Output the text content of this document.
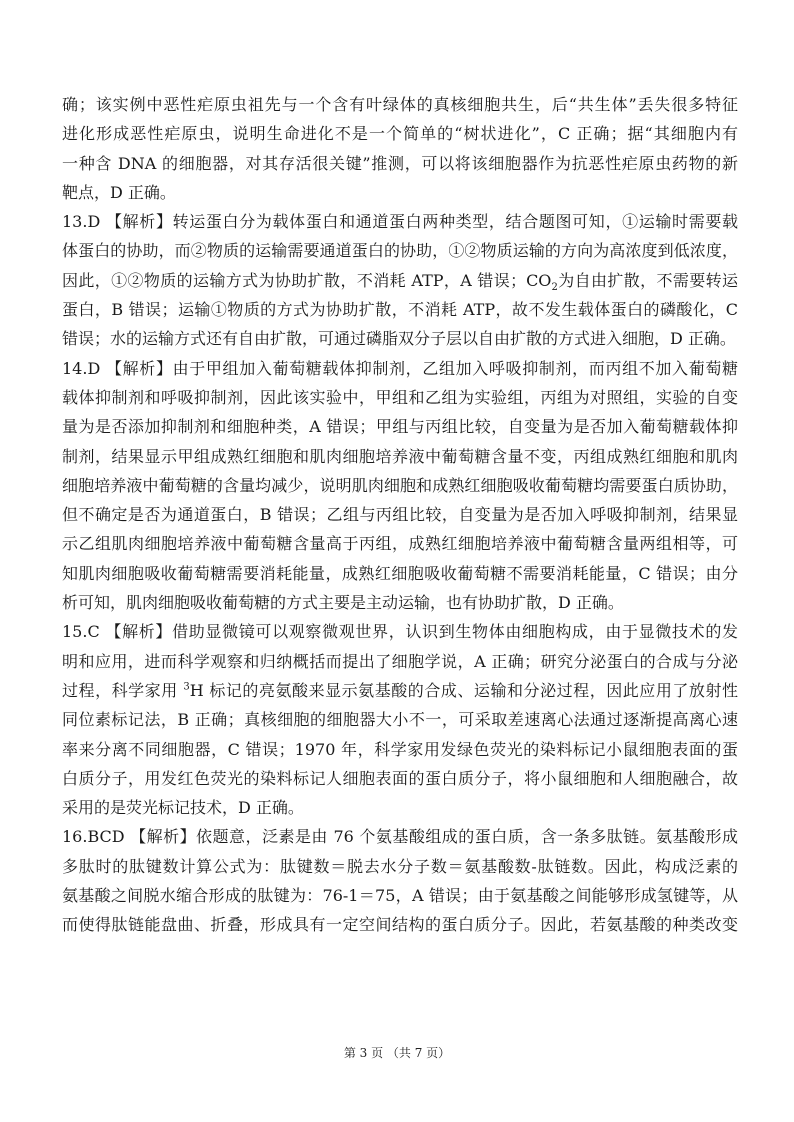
确；该实例中恶性疟原虫祖先与一个含有叶绿体的真核细胞共生，后“共生体”丢失很多特征
进化形成恶性疟原虫，说明生命进化不是一个简单的“树状进化”，C 正确；据“其细胞内有
一种含 DNA 的细胞器，对其存活很关键”推测，可以将该细胞器作为抗恶性疟原虫药物的新
靶点，D 正确。
13.D 【解析】转运蛋白分为载体蛋白和通道蛋白两种类型，结合题图可知，①运输时需要载
体蛋白的协助，而②物质的运输需要通道蛋白的协助，①②物质运输的方向为高浓度到低浓度，
因此，①②物质的运输方式为协助扩散，不消耗 ATP，A 错误；$CO_2$为自由扩散，不需要转运
蛋白，B 错误；运输①物质的方式为协助扩散，不消耗 ATP，故不发生载体蛋白的磷酸化，C
错误；水的运输方式还有自由扩散，可通过磷脂双分子层以自由扩散的方式进入细胞，D 正确。
14.D 【解析】由于甲组加入葡萄糖载体抑制剂，乙组加入呼吸抑制剂，而丙组不加入葡萄糖
载体抑制剂和呼吸抑制剂，因此该实验中，甲组和乙组为实验组，丙组为对照组，实验的自变
量为是否添加抑制剂和细胞种类，A 错误；甲组与丙组比较，自变量为是否加入葡萄糖载体抑
制剂，结果显示甲组成熟红细胞和肌肉细胞培养液中葡萄糖含量不变，丙组成熟红细胞和肌肉
细胞培养液中葡萄糖的含量均减少，说明肌肉细胞和成熟红细胞吸收葡萄糖均需要蛋白质协助，
但不确定是否为通道蛋白，B 错误；乙组与丙组比较，自变量为是否加入呼吸抑制剂，结果显
示乙组肌肉细胞培养液中葡萄糖含量高于丙组，成熟红细胞培养液中葡萄糖含量两组相等，可
知肌肉细胞吸收葡萄糖需要消耗能量，成熟红细胞吸收葡萄糖不需要消耗能量，C 错误；由分
析可知，肌肉细胞吸收葡萄糖的方式主要是主动运输，也有协助扩散，D 正确。
15.C 【解析】借助显微镜可以观察微观世界，认识到生物体由细胞构成，由于显微技术的发
明和应用，进而科学观察和归纳概括而提出了细胞学说，A 正确；研究分泌蛋白的合成与分泌
过程，科学家用 $^3$H 标记的亮氨酸来显示氨基酸的合成、运输和分泌过程，因此应用了放射性
同位素标记法，B 正确；真核细胞的细胞器大小不一，可采取差速离心法通过逐渐提高离心速
率来分离不同细胞器，C 错误；1970 年，科学家用发绿色荧光的染料标记小鼠细胞表面的蛋
白质分子，用发红色荧光的染料标记人细胞表面的蛋白质分子，将小鼠细胞和人细胞融合，故
采用的是荧光标记技术，D 正确。
16.BCD 【解析】依题意，泛素是由 76 个氨基酸组成的蛋白质，含一条多肽链。氨基酸形成
多肽时的肽键数计算公式为：肽键数＝脱去水分子数＝氨基酸数-肽链数。因此，构成泛素的
氨基酸之间脱水缩合形成的肽键为：76-1＝75，A 错误；由于氨基酸之间能够形成氢键等，从
而使得肽链能盘曲、折叠，形成具有一定空间结构的蛋白质分子。因此，若氨基酸的种类改变
第 3 页 （共 7 页）
